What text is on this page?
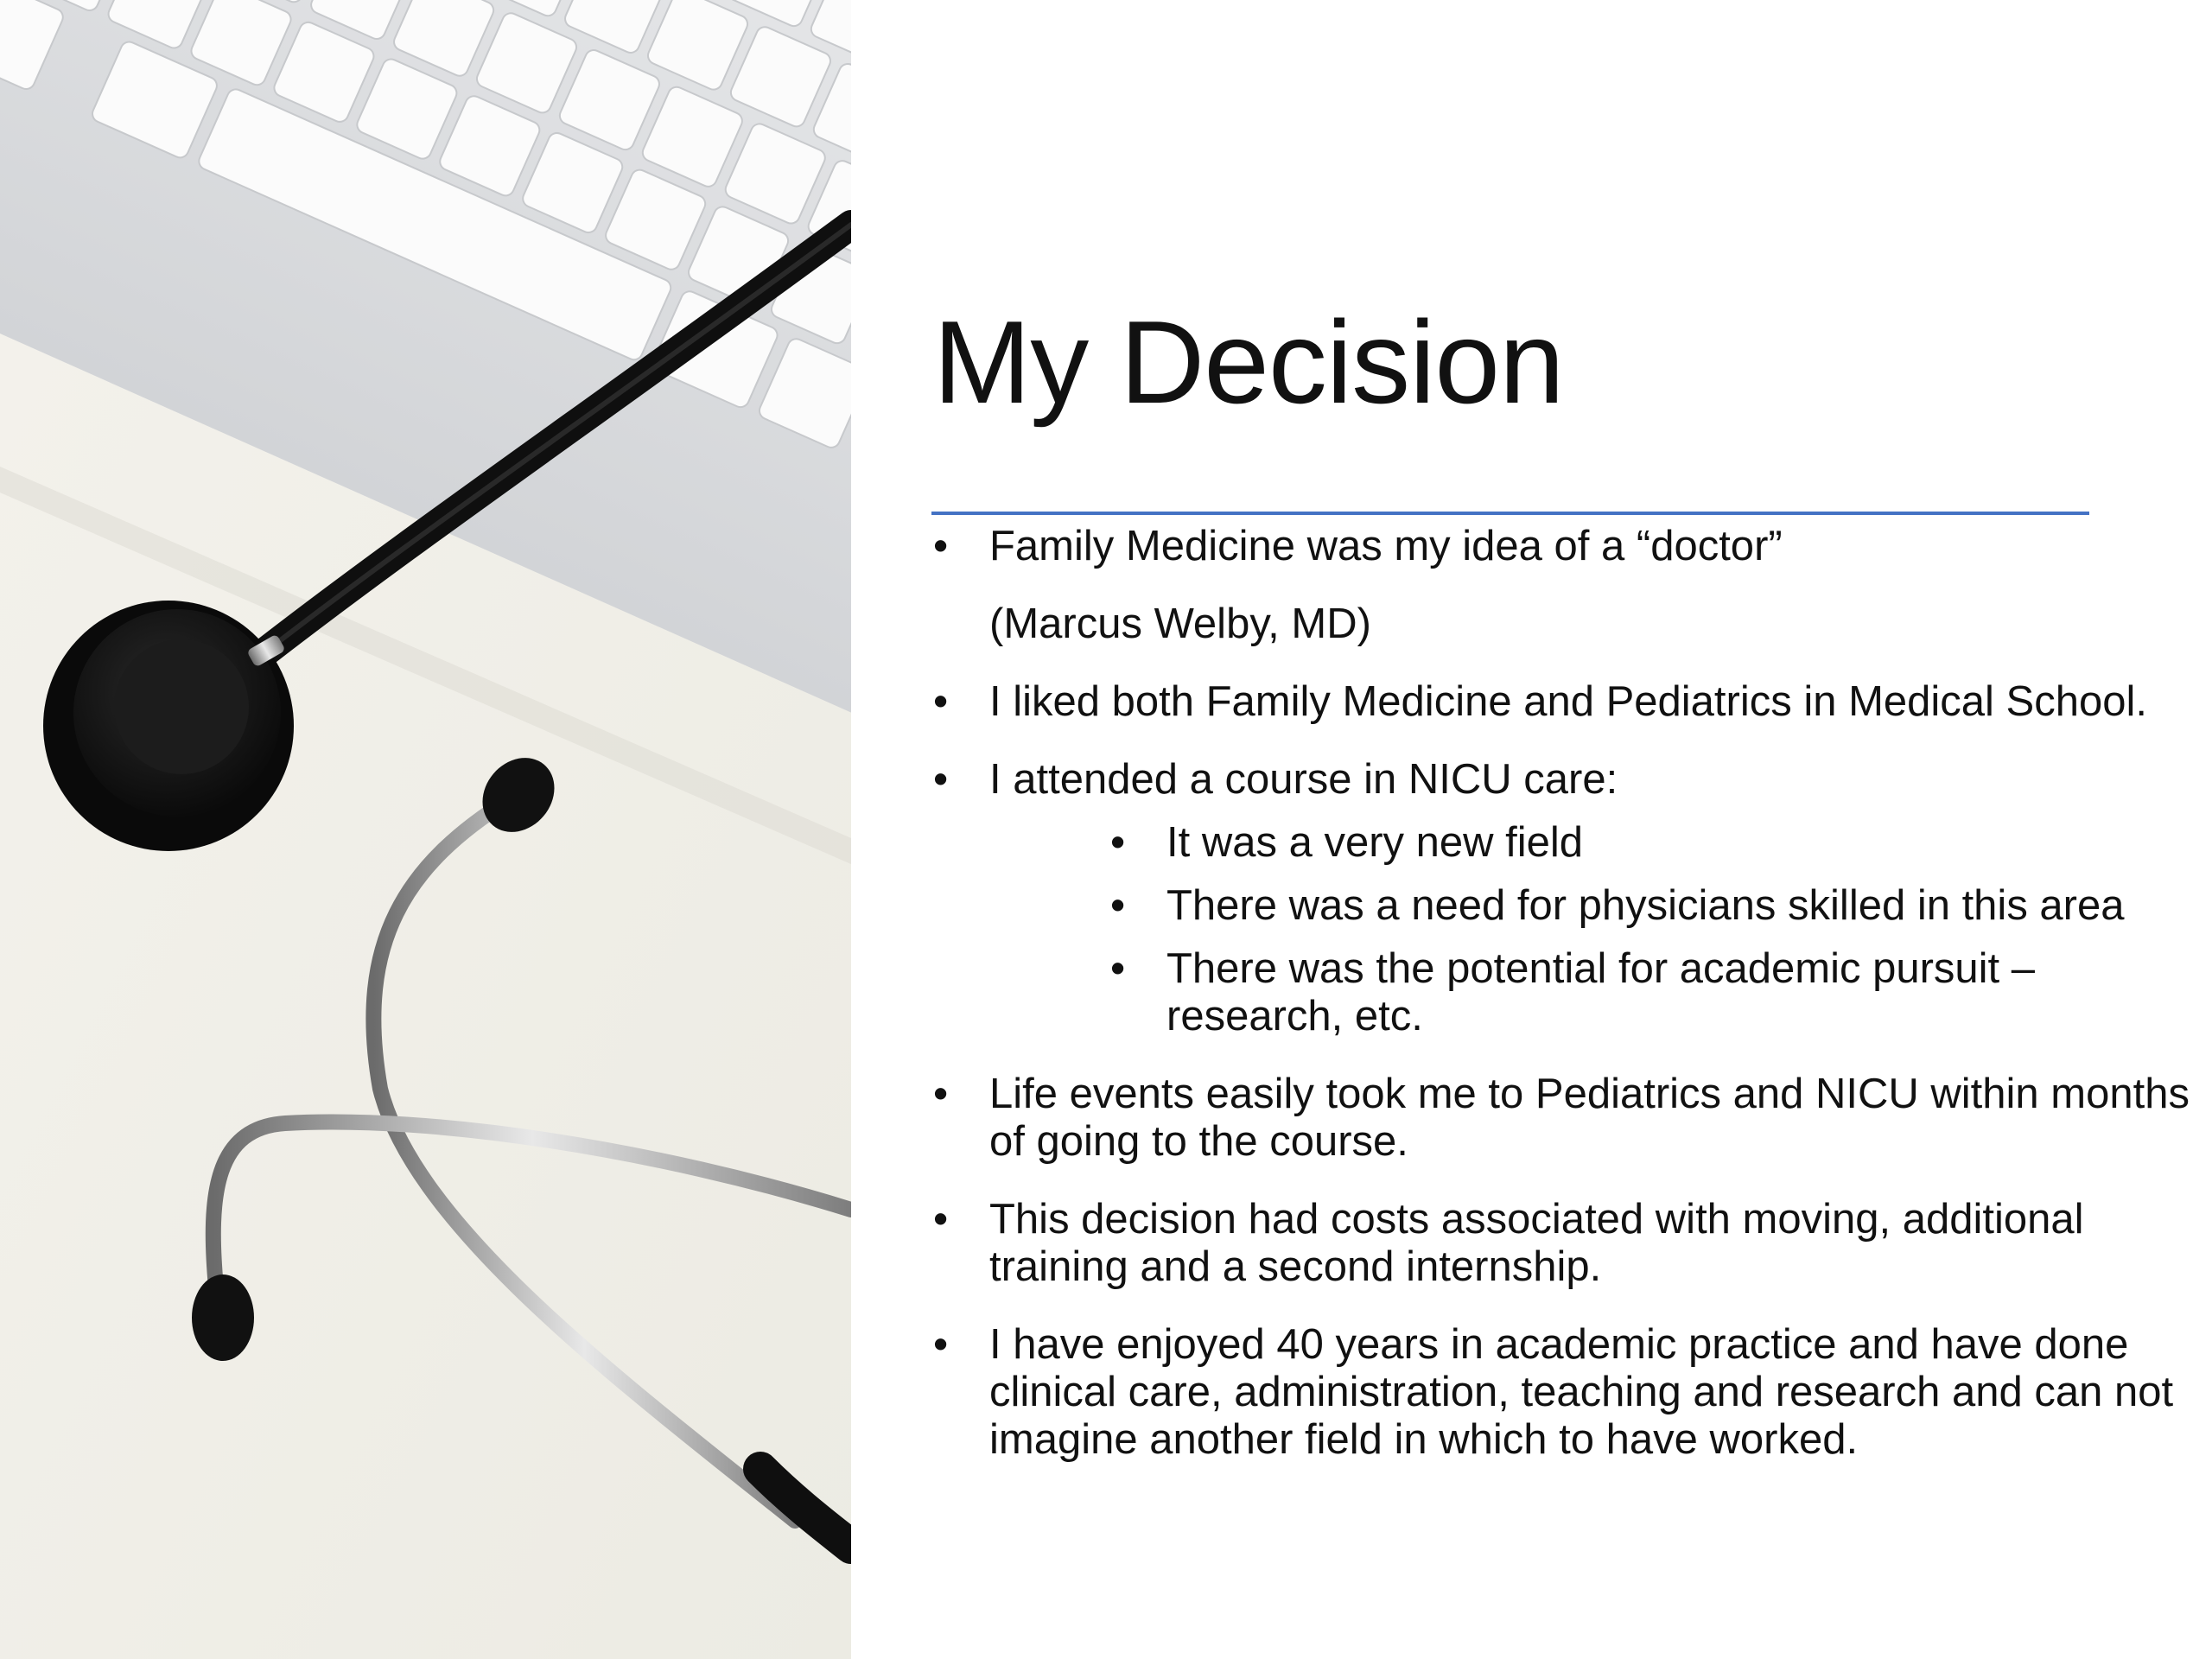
My Decision
• Family Medicine was my idea of a “doctor”
(Marcus Welby, MD)
• I liked both Family Medicine and Pediatrics in Medical School.
• I attended a course in NICU care:
• It was a very new field
• There was a need for physicians skilled in this area
• There was the potential for academic pursuit – research, etc.
• Life events easily took me to Pediatrics and NICU within months of going to the course.
• This decision had costs associated with moving, additional training and a second internship.
• I have enjoyed 40 years in academic practice and have done clinical care, administration, teaching and research and can not imagine another field in which to have worked.
